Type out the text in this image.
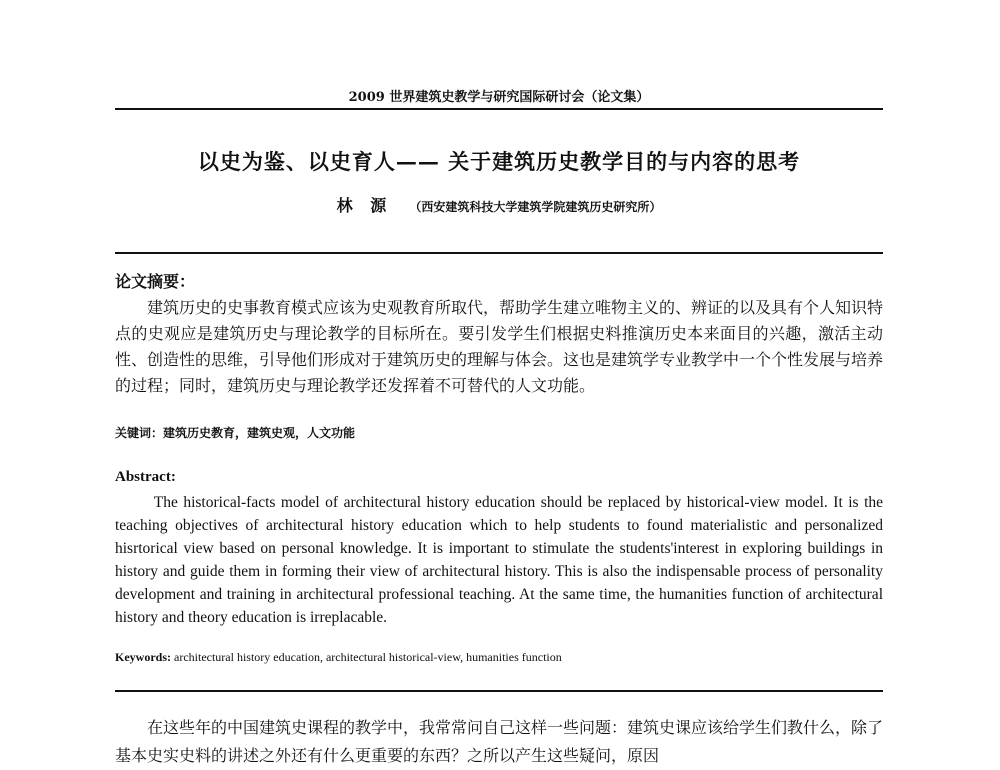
2009 世界建筑史教学与研究国际研讨会（论文集）
以史为鉴、以史育人—— 关于建筑历史教学目的与内容的思考
林 源 （西安建筑科技大学建筑学院建筑历史研究所）
论文摘要：

建筑历史的史事教育模式应该为史观教育所取代，帮助学生建立唯物主义的、辨证的以及具有个人知识特点的史观应是建筑历史与理论教学的目标所在。要引发学生们根据史料推演历史本来面目的兴趣，激活主动性、创造性的思维，引导他们形成对于建筑历史的理解与体会。这也是建筑学专业教学中一个个性发展与培养的过程；同时，建筑历史与理论教学还发挥着不可替代的人文功能。

关键词：建筑历史教育，建筑史观，人文功能
Abstract:

The historical-facts model of architectural history education should be replaced by historical-view model. It is the teaching objectives of architectural history education which to help students to found materialistic and personalized hisrtorical view based on personal knowledge. It is important to stimulate the students'interest in exploring buildings in history and guide them in forming their view of architectural history. This is also the indispensable process of personality development and training in architectural professional teaching. At the same time, the humanities function of architectural history and theory education is irreplacable.

Keywords: architectural history education, architectural historical-view, humanities function

在这些年的中国建筑史课程的教学中，我常常问自己这样一些问题：建筑史课应该给学生们教什么，除了基本史实史料的讲述之外还有什么更重要的东西？之所以产生这些疑问，原因
